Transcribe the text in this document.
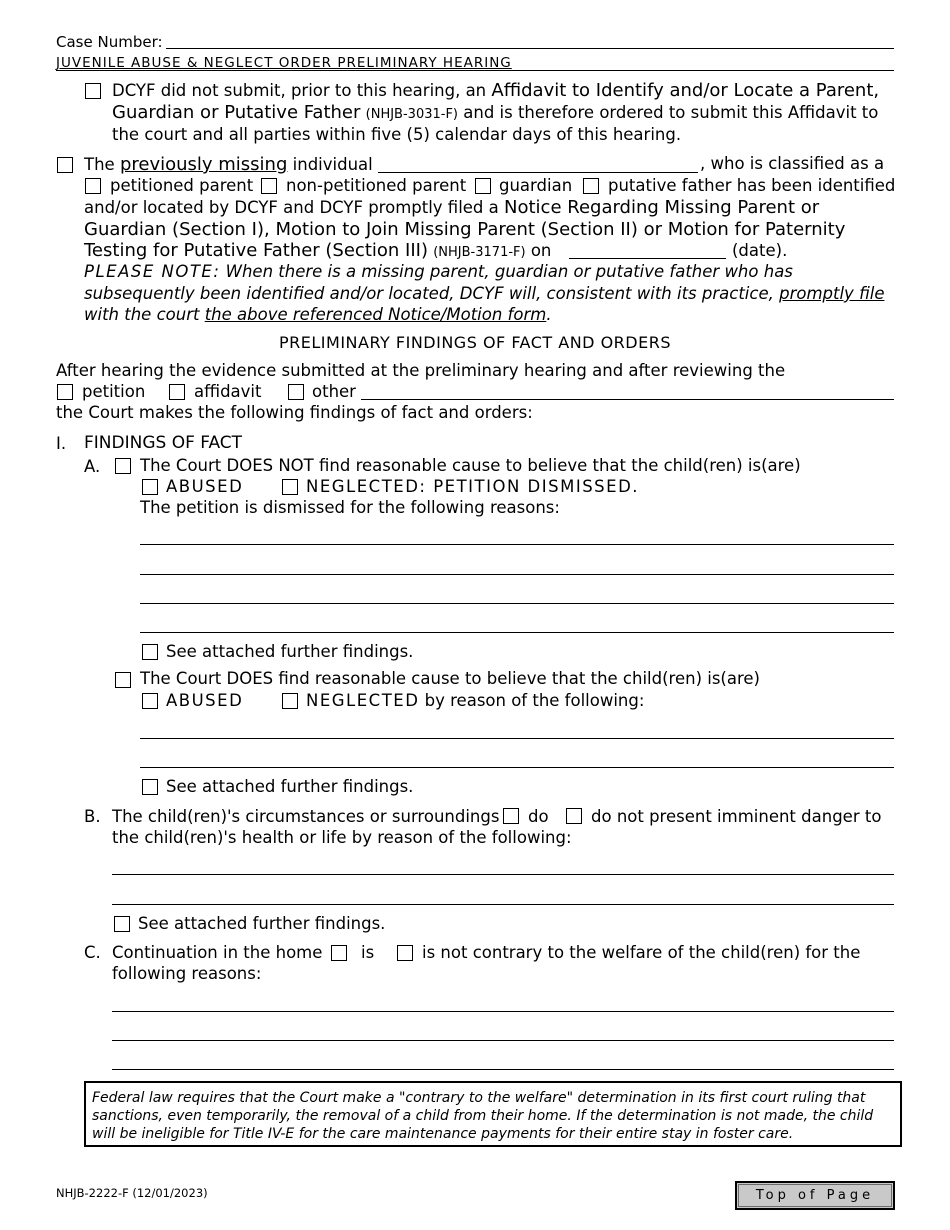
Case Number:
JUVENILE ABUSE & NEGLECT ORDER PRELIMINARY HEARING
DCYF did not submit, prior to this hearing, an Affidavit to Identify and/or Locate a Parent,
Guardian or Putative Father (NHJB-3031-F) and is therefore ordered to submit this Affidavit to
the court and all parties within five (5) calendar days of this hearing.
The previously missing individual	, who is classified as a
petitioned parent non-petitioned parent guardian putative father has been identified
and/or located by DCYF and DCYF promptly filed a Notice Regarding Missing Parent or
Guardian (Section I), Motion to Join Missing Parent (Section II) or Motion for Paternity
Testing for Putative Father (Section III) (NHJB-3171-F) on	(date).
PLEASE NOTE: When there is a missing parent, guardian or putative father who has
subsequently been identified and/or located, DCYF will, consistent with its practice, promptly file
with the court the above referenced Notice/Motion form.
PRELIMINARY FINDINGS OF FACT AND ORDERS
After hearing the evidence submitted at the preliminary hearing and after reviewing the
petition	affidavit	other
the Court makes the following findings of fact and orders:
I. FINDINGS OF FACT
A. The Court DOES NOT find reasonable cause to believe that the child(ren) is(are)
ABUSED	NEGLECTED: PETITION DISMISSED.
The petition is dismissed for the following reasons:
See attached further findings.
The Court DOES find reasonable cause to believe that the child(ren) is(are)
ABUSED	NEGLECTED by reason of the following:
See attached further findings.
B. The child(ren)'s circumstances or surroundings do	do not present imminent danger to
the child(ren)'s health or life by reason of the following:
See attached further findings.
C. Continuation in the home is	is not contrary to the welfare of the child(ren) for the
following reasons:
Federal law requires that the Court make a "contrary to the welfare" determination in its first court ruling that sanctions, even temporarily, the removal of a child from their home. If the determination is not made, the child will be ineligible for Title IV-E for the care maintenance payments for their entire stay in foster care.
NHJB-2222-F (12/01/2023)	Top of Page
